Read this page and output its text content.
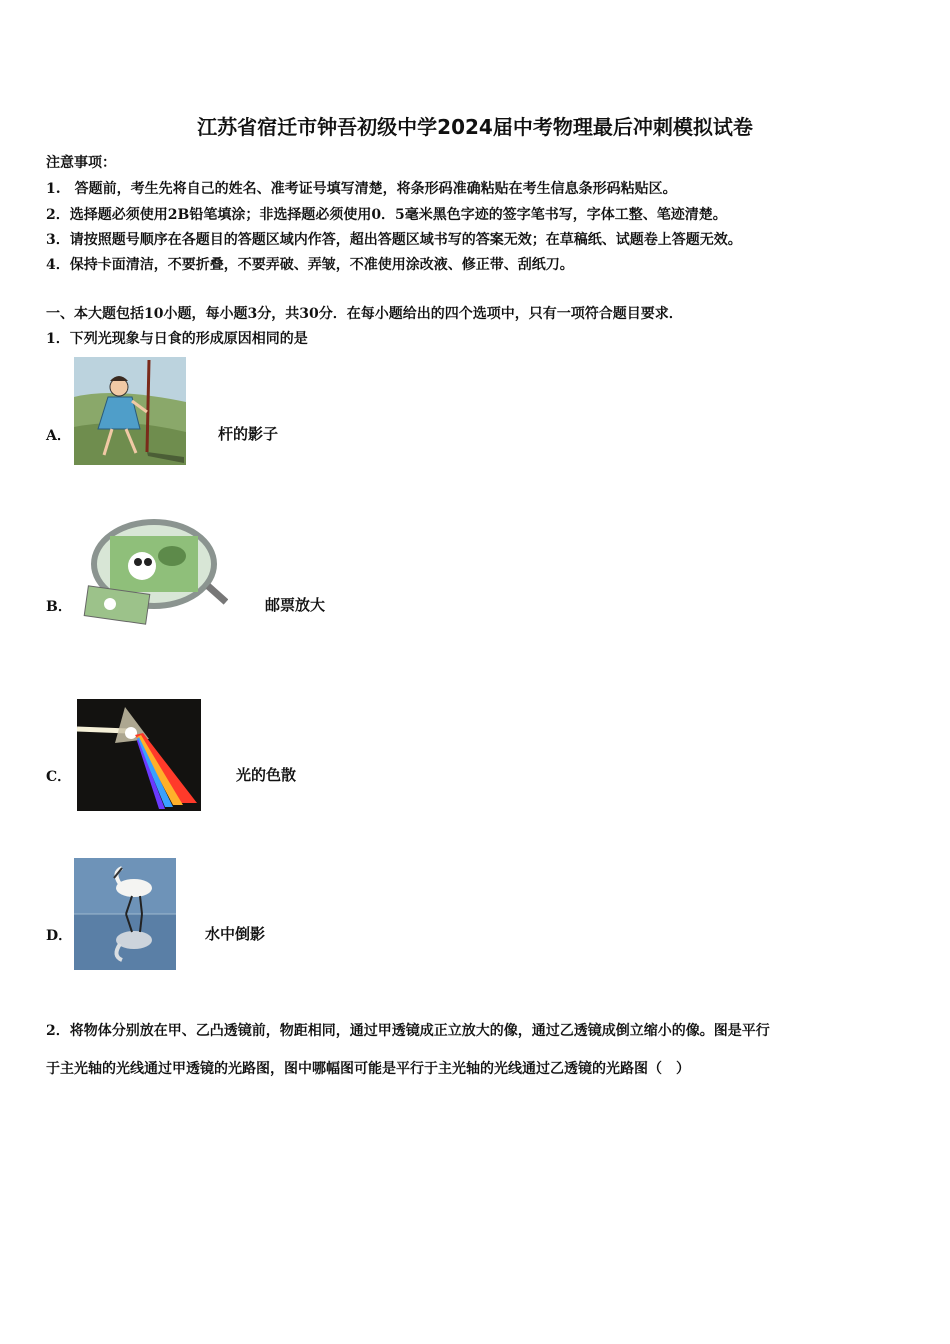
江苏省宿迁市钟吾初级中学2024届中考物理最后冲刺模拟试卷
注意事项：
1.　答题前，考生先将自己的姓名、准考证号填写清楚，将条形码准确粘贴在考生信息条形码粘贴区。
2．选择题必须使用2B铅笔填涂；非选择题必须使用0．5毫米黑色字迹的签字笔书写，字体工整、笔迹清楚。
3．请按照题号顺序在各题目的答题区域内作答，超出答题区域书写的答案无效；在草稿纸、试题卷上答题无效。
4．保持卡面清洁，不要折叠，不要弄破、弄皱，不准使用涂改液、修正带、刮纸刀。
一、本大题包括10小题，每小题3分，共30分．在每小题给出的四个选项中，只有一项符合题目要求．
1．下列光现象与日食的形成原因相同的是
A．	杆的影子
B．	邮票放大
C．	光的色散
D．	水中倒影
2．将物体分别放在甲、乙凸透镜前，物距相同，通过甲透镜成正立放大的像，通过乙透镜成倒立缩小的像。图是平行
于主光轴的光线通过甲透镜的光路图，图中哪幅图可能是平行于主光轴的光线通过乙透镜的光路图（　）
